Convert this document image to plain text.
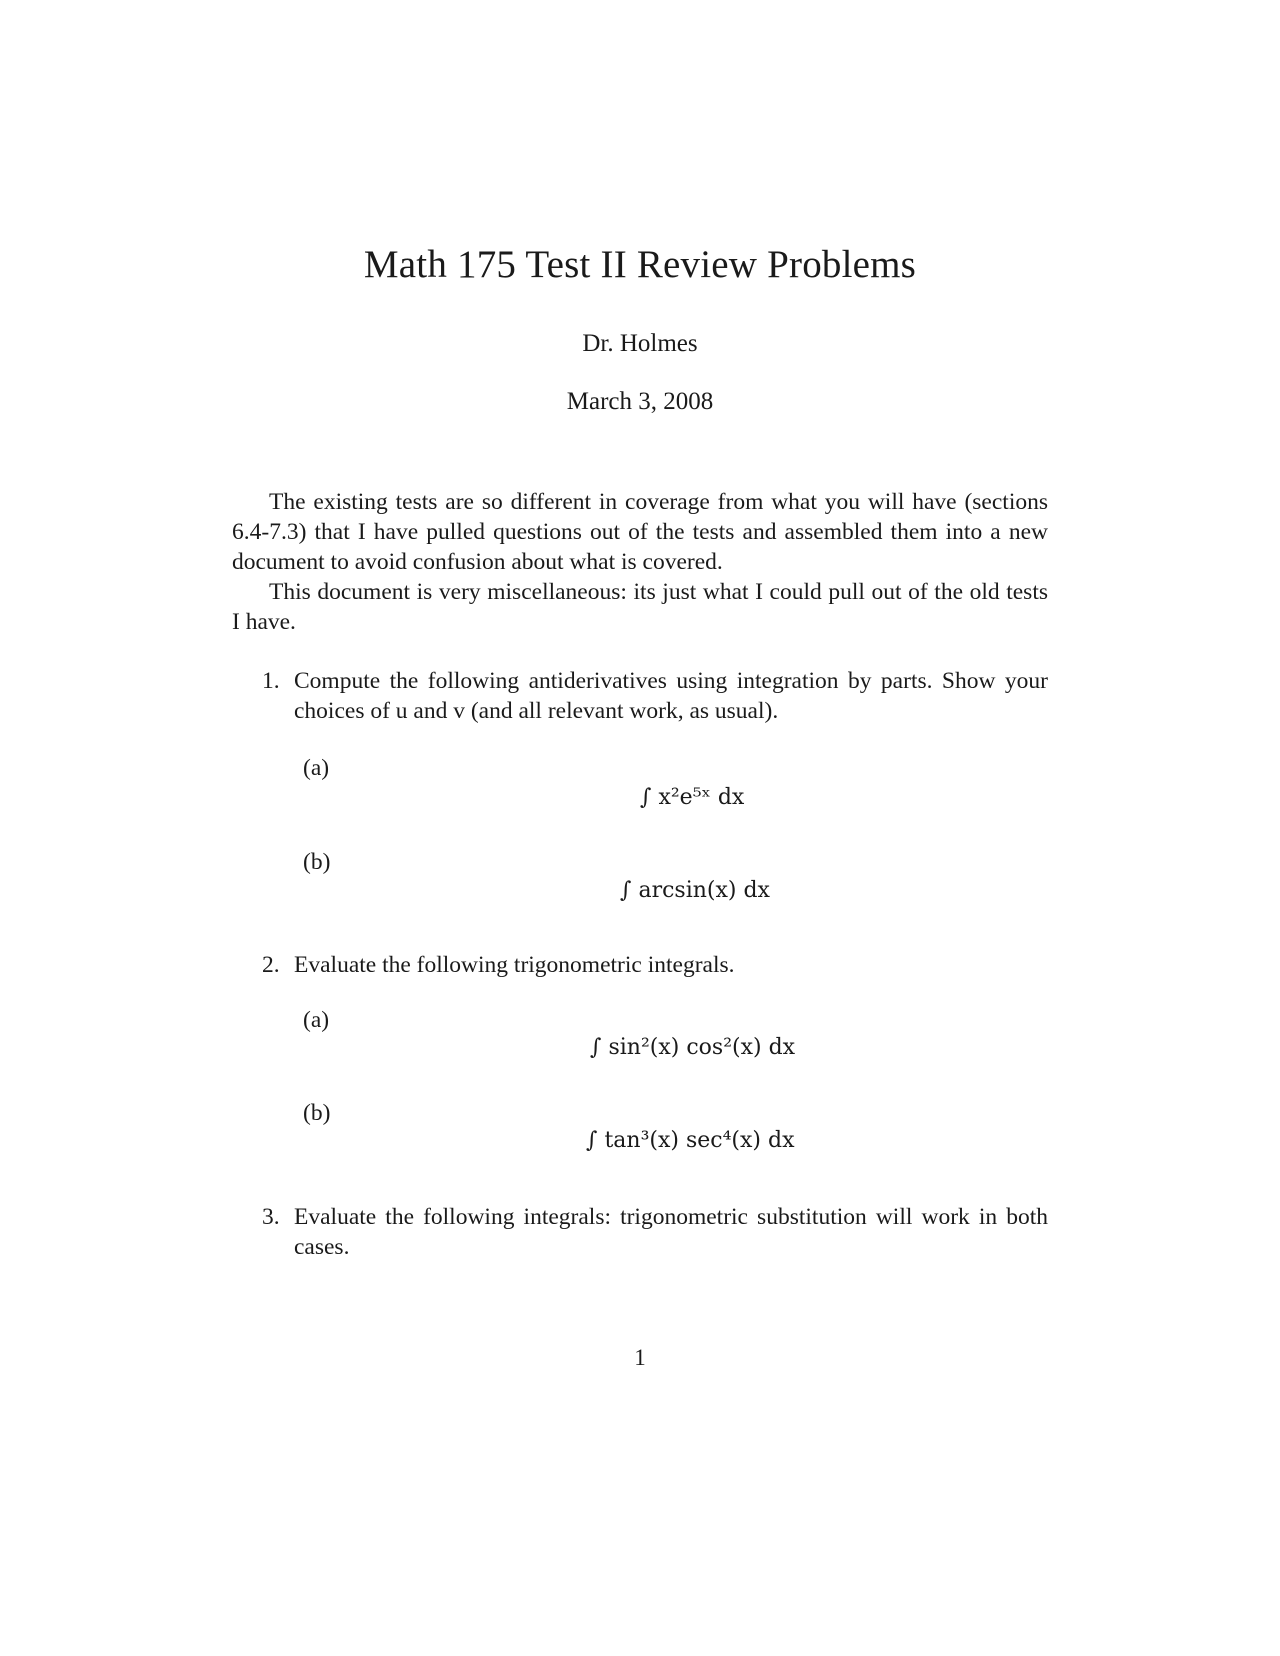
Math 175 Test II Review Problems
Dr. Holmes
March 3, 2008
The existing tests are so different in coverage from what you will have (sections 6.4-7.3) that I have pulled questions out of the tests and assembled them into a new document to avoid confusion about what is covered.
This document is very miscellaneous: its just what I could pull out of the old tests I have.
1. Compute the following antiderivatives using integration by parts. Show your choices of u and v (and all relevant work, as usual).
(a)
∫ x²e⁵ˣ dx
(b)
∫ arcsin(x) dx
2. Evaluate the following trigonometric integrals.
(a)
∫ sin²(x) cos²(x) dx
(b)
∫ tan³(x) sec⁴(x) dx
3. Evaluate the following integrals: trigonometric substitution will work in both cases.
1
